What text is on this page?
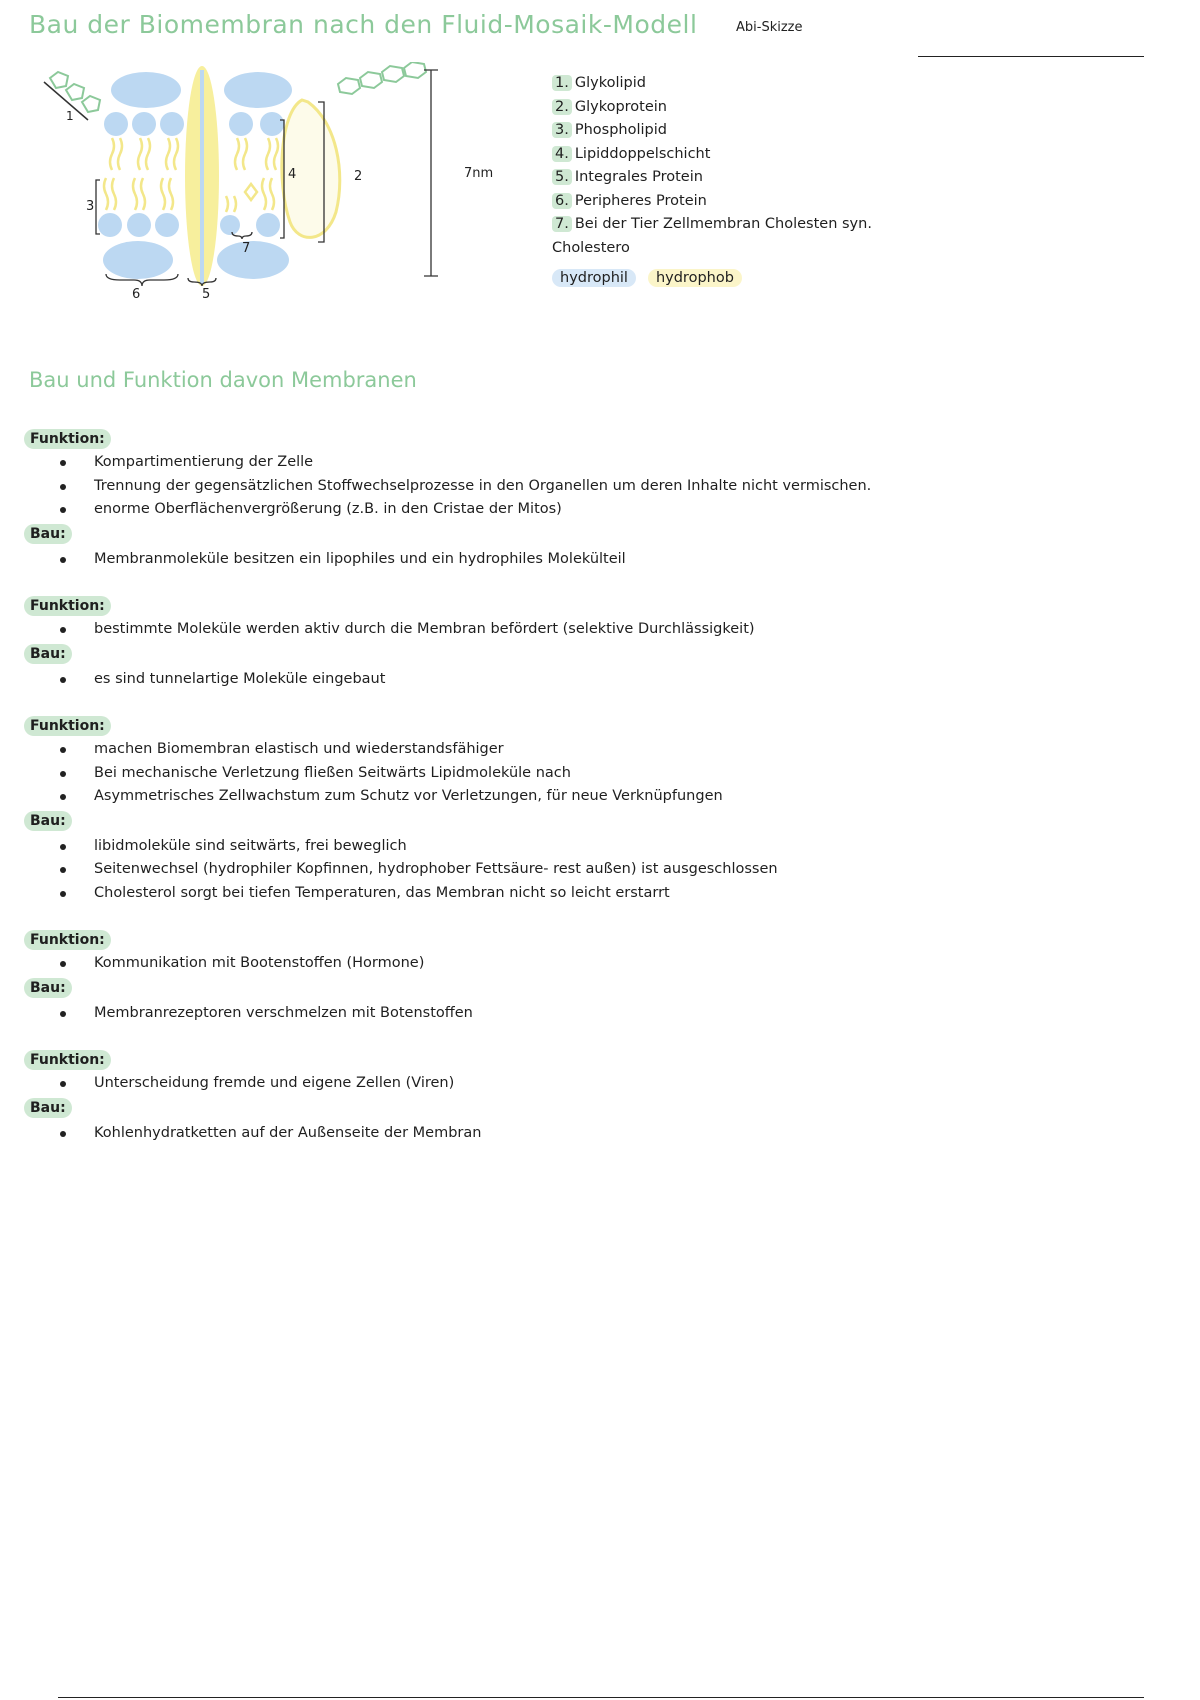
Bau der Biomembran nach den Fluid-Mosaik-Modell	Abi-Skizze
1
2
3
4
5
6
7
7nm
1. Glykolipid
2. Glykoprotein
3. Phospholipid
4. Lipiddoppelschicht
5. Integrales Protein
6. Peripheres Protein
7. Bei der Tier Zellmembran Cholesten syn.
Cholestero
hydrophil	hydrophob
Bau und Funktion davon Membranen
Funktion:
Kompartimentierung der Zelle
Trennung der gegensätzlichen Stoffwechselprozesse in den Organellen um deren Inhalte nicht vermischen.
enorme Oberflächenvergrößerung (z.B. in den Cristae der Mitos)
Bau:
Membranmoleküle besitzen ein lipophiles und ein hydrophiles Molekülteil
Funktion:
bestimmte Moleküle werden aktiv durch die Membran befördert (selektive Durchlässigkeit)
Bau:
es sind tunnelartige Moleküle eingebaut
Funktion:
machen Biomembran elastisch und wiederstandsfähiger
Bei mechanische Verletzung fließen Seitwärts Lipidmoleküle nach
Asymmetrisches Zellwachstum zum Schutz vor Verletzungen, für neue Verknüpfungen
Bau:
libidmoleküle sind seitwärts, frei beweglich
Seitenwechsel (hydrophiler Kopfinnen, hydrophober Fettsäure- rest außen) ist ausgeschlossen
Cholesterol sorgt bei tiefen Temperaturen, das Membran nicht so leicht erstarrt
Funktion:
Kommunikation mit Bootenstoffen (Hormone)
Bau:
Membranrezeptoren verschmelzen mit Botenstoffen
Funktion:
Unterscheidung fremde und eigene Zellen (Viren)
Bau:
Kohlenhydratketten auf der Außenseite der Membran
